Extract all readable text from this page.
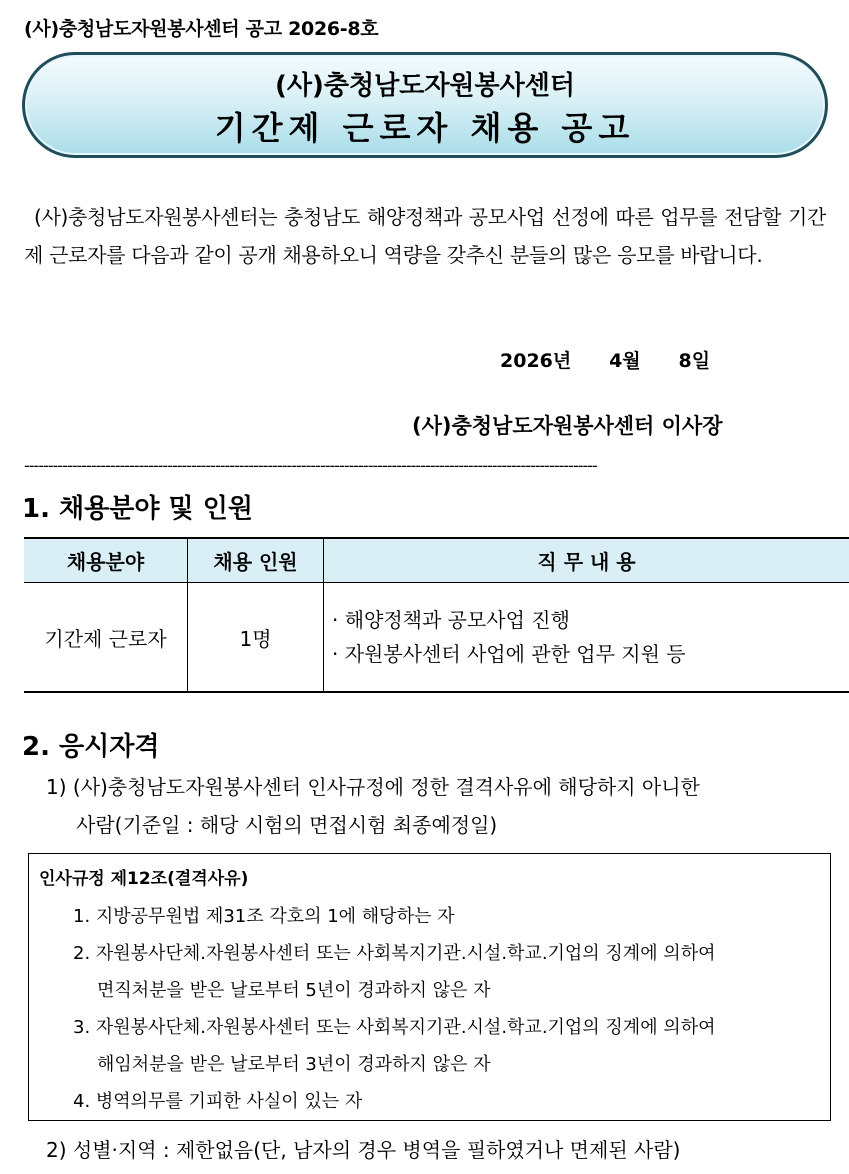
(사)충청남도자원봉사센터 공고 2026-8호
(사)충청남도자원봉사센터
기간제 근로자 채용 공고
(사)충청남도자원봉사센터는 충청남도 해양정책과 공모사업 선정에 따른 업무를 전담할 기간제 근로자를 다음과 같이 공개 채용하오니 역량을 갖추신 분들의 많은 응모를 바랍니다.
2026년   4월   8일
(사)충청남도자원봉사센터 이사장
------------------------------------------------------------------------------------------------------------------------
1. 채용분야 및 인원
채용분야	채용 인원	직 무 내 용
기간제 근로자	1명	· 해양정책과 공모사업 진행
· 자원봉사센터 사업에 관한 업무 지원 등
2. 응시자격
1) (사)충청남도자원봉사센터 인사규정에 정한 결격사유에 해당하지 아니한
사람(기준일 : 해당 시험의 면접시험 최종예정일)
인사규정 제12조(결격사유)
1. 지방공무원법 제31조 각호의 1에 해당하는 자
2. 자원봉사단체.자원봉사센터 또는 사회복지기관.시설.학교.기업의 징계에 의하여
면직처분을 받은 날로부터 5년이 경과하지 않은 자
3. 자원봉사단체.자원봉사센터 또는 사회복지기관.시설.학교.기업의 징계에 의하여
해임처분을 받은 날로부터 3년이 경과하지 않은 자
4. 병역의무를 기피한 사실이 있는 자
2) 성별·지역 : 제한없음(단, 남자의 경우 병역을 필하였거나 면제된 사람)
